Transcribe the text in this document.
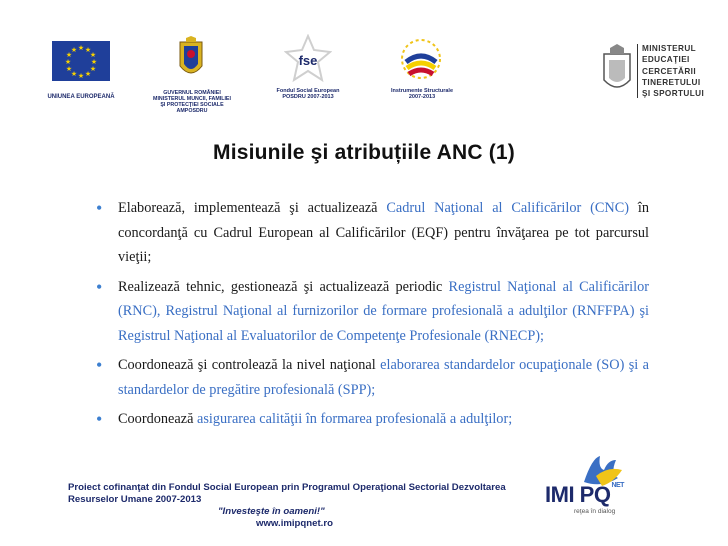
★ ★
★
★
★
★
★
★
★
★
★
★
UNIUNEA EUROPEANĂ
GUVERNUL ROMÂNIEI
MINISTERUL MUNCII, FAMILIEI
ŞI PROTECŢIEI SOCIALE
AMPOSDRU
fse
Fondul Social European
POSDRU 2007-2013
Instrumente Structurale
2007-2013
MINISTERUL
EDUCAŢIEI
CERCETĂRII
TINERETULUI
ŞI SPORTULUI
Misiunile şi atribuțiile ANC (1)
• Elaborează, implementează şi actualizează Cadrul Naţional al Calificărilor (CNC) în concordanţă cu Cadrul European al Calificărilor (EQF) pentru învăţarea pe tot parcursul vieţii;
• Realizează tehnic, gestionează şi actualizează periodic Registrul Naţional al Calificărilor (RNC), Registrul Naţional al furnizorilor de formare profesională a adulţilor (RNFFPA) şi Registrul Naţional al Evaluatorilor de Competenţe Profesionale (RNECP);
• Coordonează şi controlează la nivel naţional elaborarea standardelor ocupaţionale (SO) şi a standardelor de pregătire profesională (SPP);
• Coordonează asigurarea calităţii în formarea profesională a adulţilor;
Proiect cofinanţat din Fondul Social European prin Programul Operaţional Sectorial Dezvoltarea Resurselor Umane 2007-2013
"Investeşte în oameni!"
www.imipqnet.ro
IMI $PQ^{NET}$
reţea în dialog
